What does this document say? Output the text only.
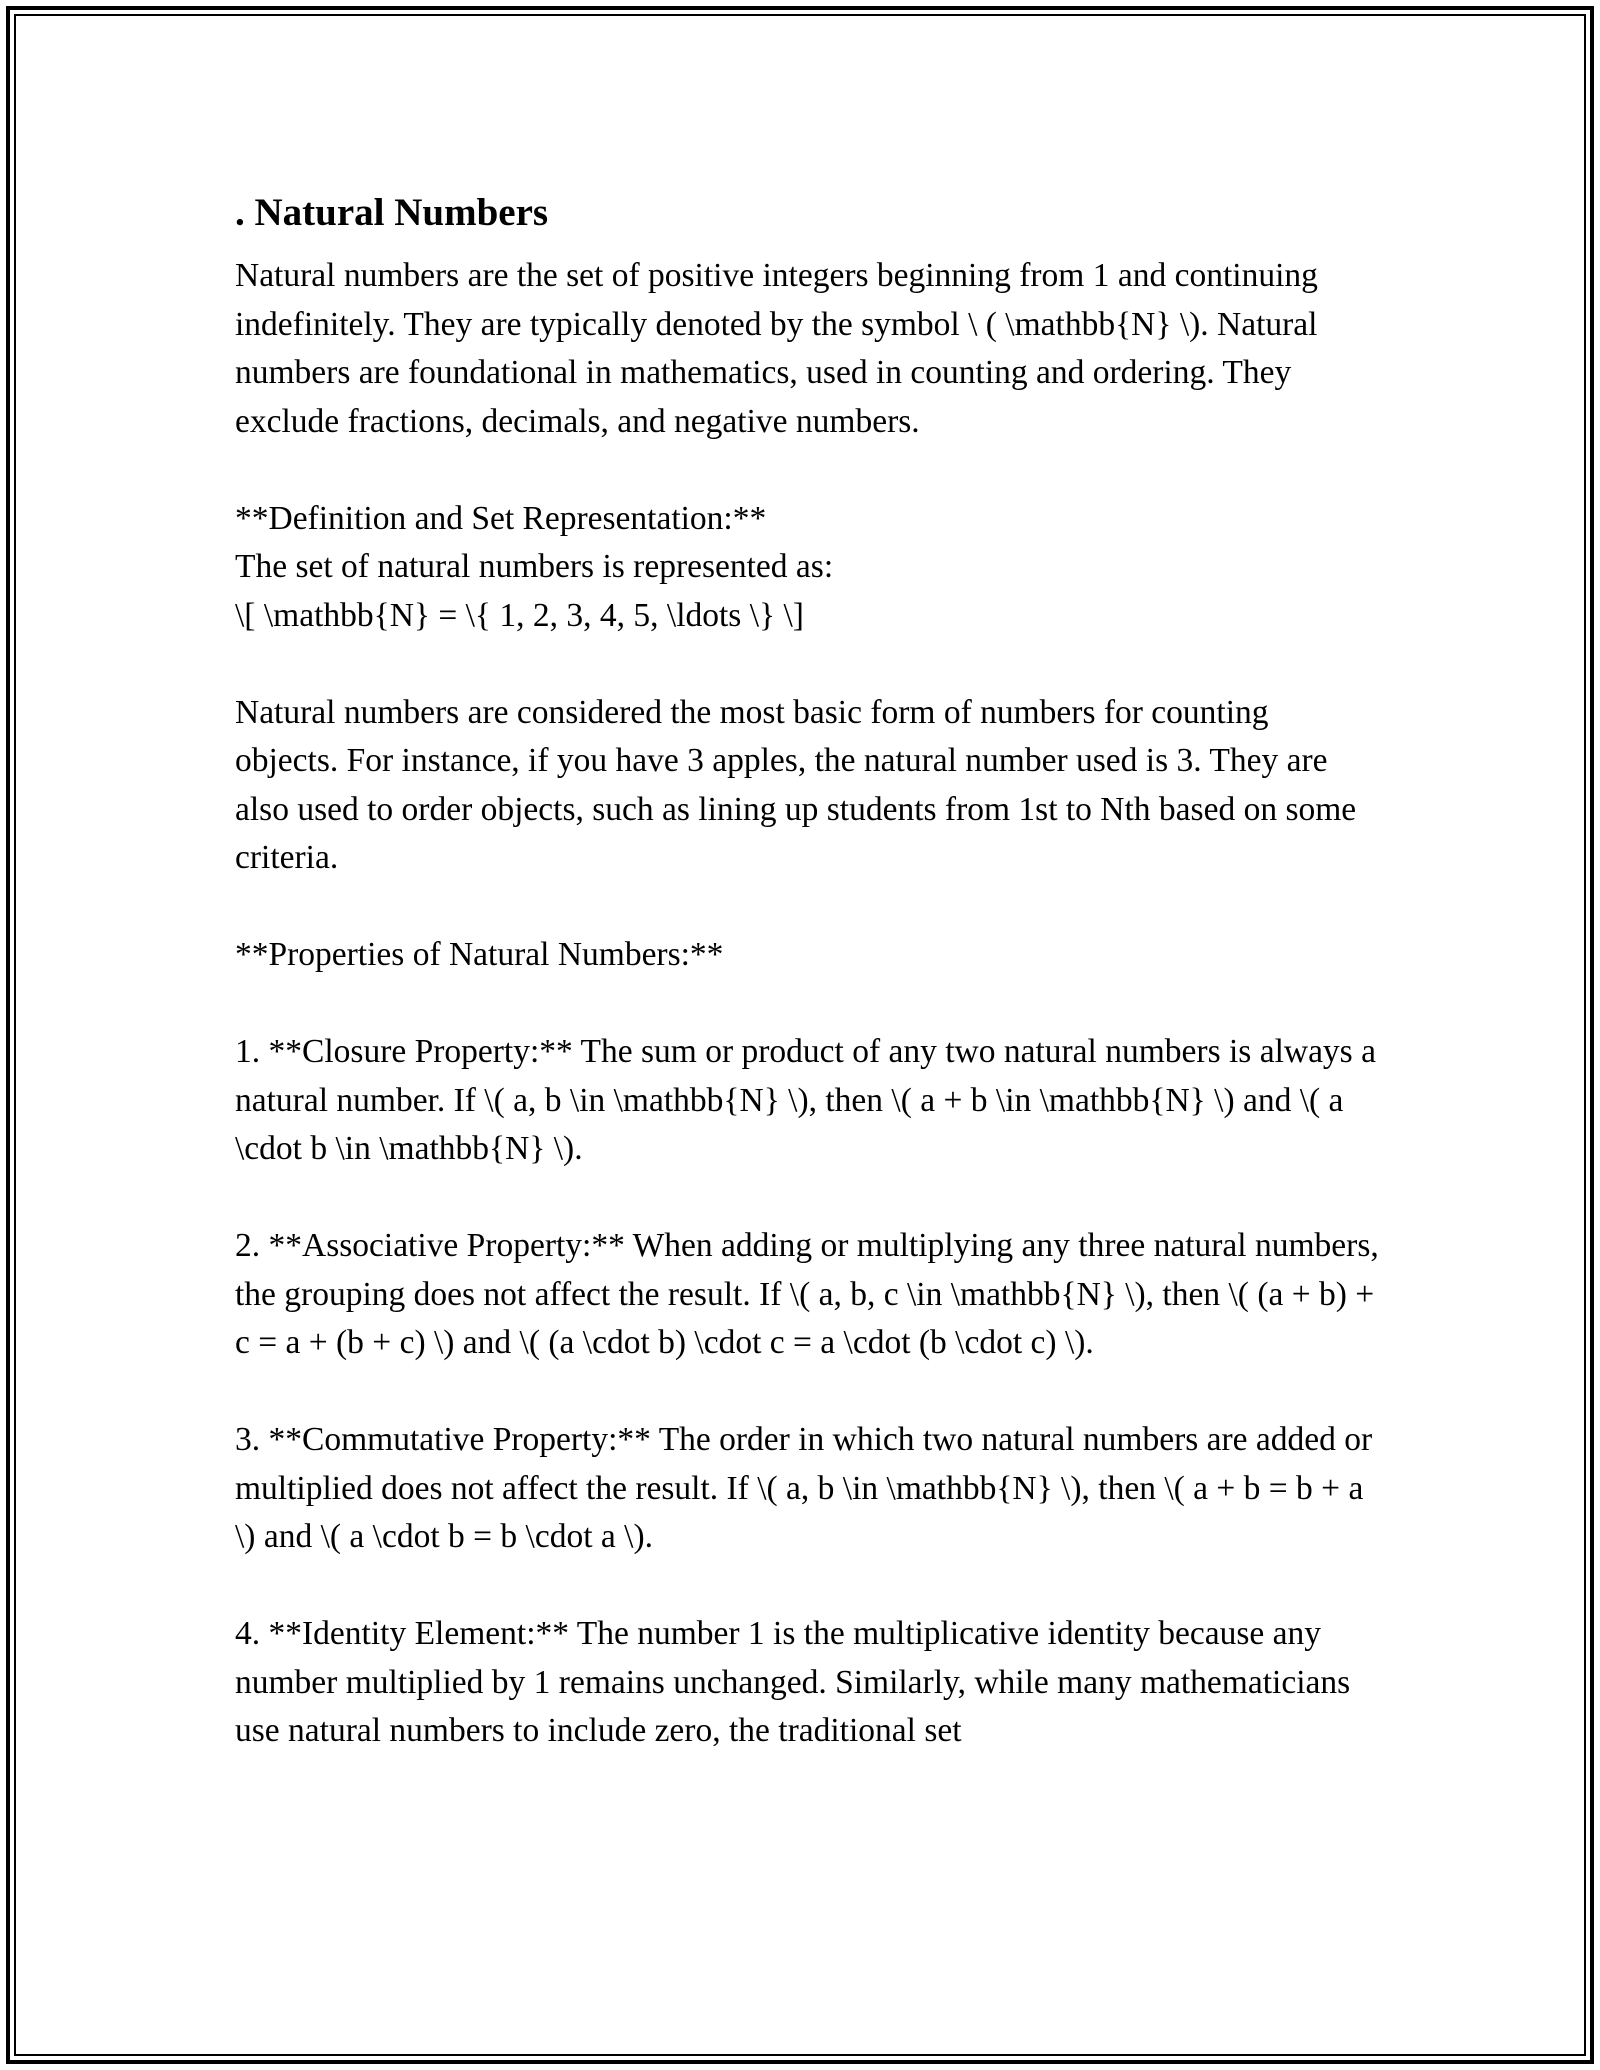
. Natural Numbers

Natural numbers are the set of positive integers beginning from 1 and continuing indefinitely. They are typically denoted by the symbol \ ( \mathbb{N} \). Natural numbers are foundational in mathematics, used in counting and ordering. They exclude fractions, decimals, and negative numbers.

**Definition and Set Representation:**

The set of natural numbers is represented as:

\[ \mathbb{N} = \{ 1, 2, 3, 4, 5, \ldots \} \]

Natural numbers are considered the most basic form of numbers for counting objects. For instance, if you have 3 apples, the natural number used is 3. They are also used to order objects, such as lining up students from 1st to Nth based on some criteria.

**Properties of Natural Numbers:**

1. **Closure Property:** The sum or product of any two natural numbers is always a natural number. If \( a, b \in \mathbb{N} \), then \( a + b \in \mathbb{N} \) and \( a \cdot b \in \mathbb{N} \).

2. **Associative Property:** When adding or multiplying any three natural numbers, the grouping does not affect the result. If \( a, b, c \in \mathbb{N} \), then \( (a + b) + c = a + (b + c) \) and \( (a \cdot b) \cdot c = a \cdot (b \cdot c) \).

3. **Commutative Property:** The order in which two natural numbers are added or multiplied does not affect the result. If \( a, b \in \mathbb{N} \), then \( a + b = b + a \) and \( a \cdot b = b \cdot a \).

4. **Identity Element:** The number 1 is the multiplicative identity because any number multiplied by 1 remains unchanged. Similarly, while many mathematicians use natural numbers to include zero, the traditional set
